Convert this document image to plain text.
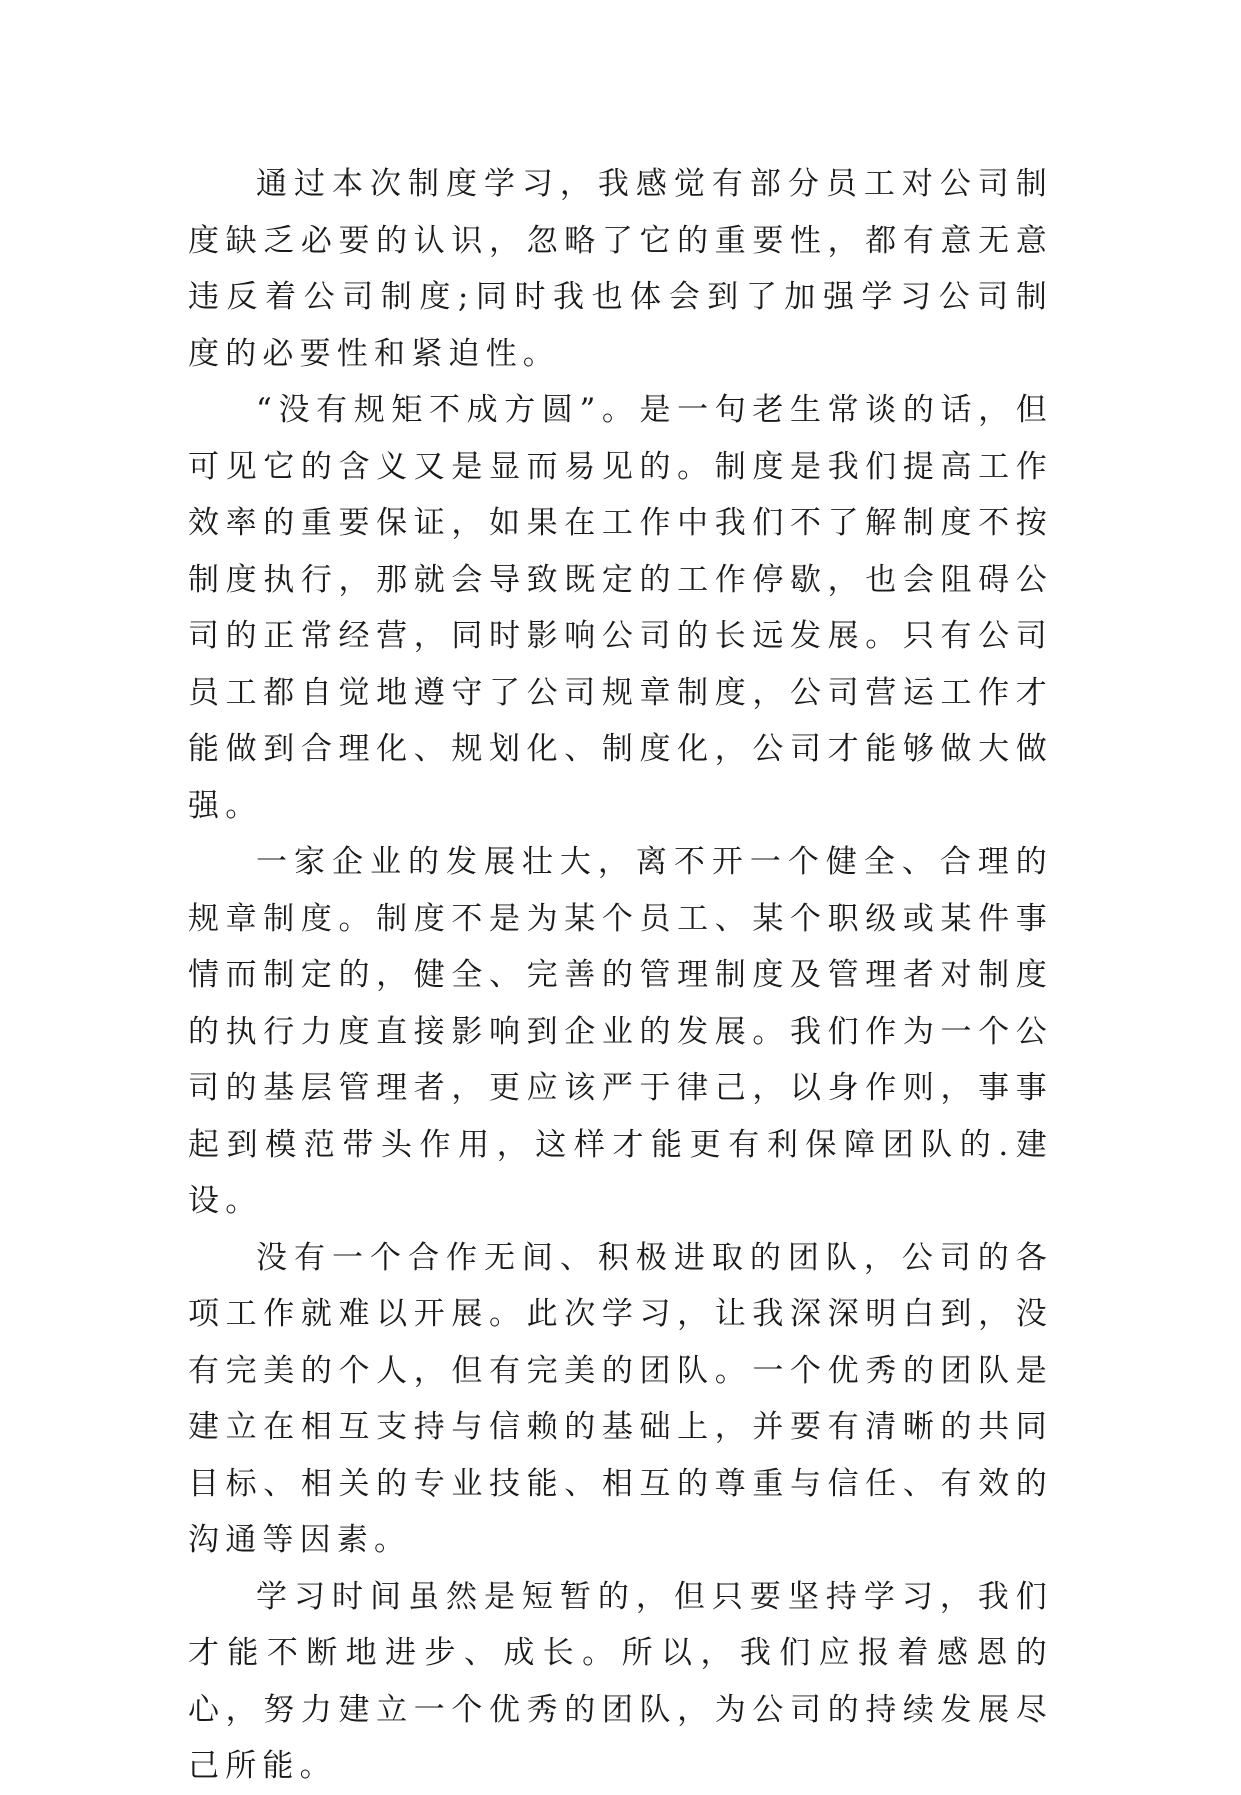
通过本次制度学习，我感觉有部分员工对公司制度缺乏必要的认识，忽略了它的重要性，都有意无意违反着公司制度;同时我也体会到了加强学习公司制度的必要性和紧迫性。

“没有规矩不成方圆”。是一句老生常谈的话，但可见它的含义又是显而易见的。制度是我们提高工作效率的重要保证，如果在工作中我们不了解制度不按制度执行，那就会导致既定的工作停歇，也会阻碍公司的正常经营，同时影响公司的长远发展。只有公司员工都自觉地遵守了公司规章制度，公司营运工作才能做到合理化、规划化、制度化，公司才能够做大做强。

一家企业的发展壮大，离不开一个健全、合理的规章制度。制度不是为某个员工、某个职级或某件事情而制定的，健全、完善的管理制度及管理者对制度的执行力度直接影响到企业的发展。我们作为一个公司的基层管理者，更应该严于律己，以身作则，事事起到模范带头作用，这样才能更有利保障团队的.建设。

没有一个合作无间、积极进取的团队，公司的各项工作就难以开展。此次学习，让我深深明白到，没有完美的个人，但有完美的团队。一个优秀的团队是建立在相互支持与信赖的基础上，并要有清晰的共同目标、相关的专业技能、相互的尊重与信任、有效的沟通等因素。

学习时间虽然是短暂的，但只要坚持学习，我们才能不断地进步、成长。所以，我们应报着感恩的心，努力建立一个优秀的团队，为公司的持续发展尽己所能。
